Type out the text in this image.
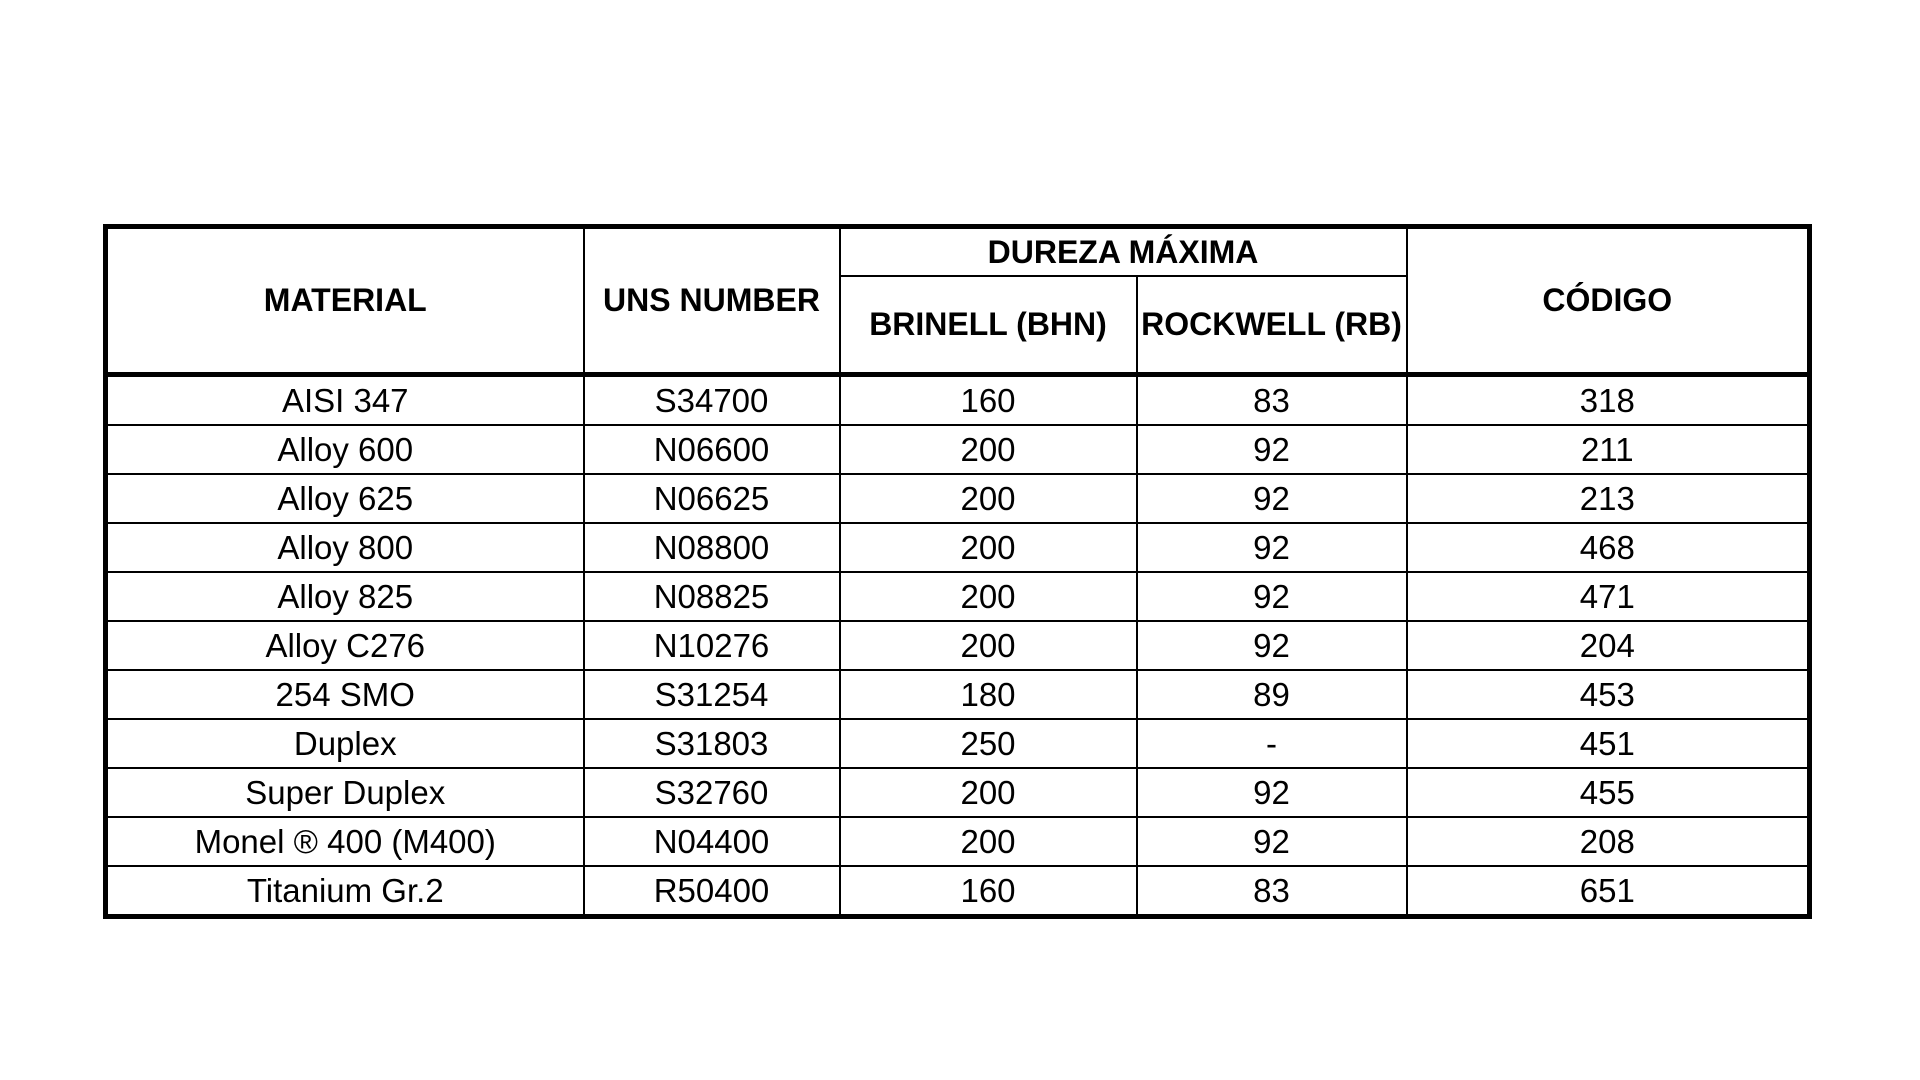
MATERIAL	UNS NUMBER	DUREZA MÁXIMA		CÓDIGO
		BRINELL (BHN)	ROCKWELL (RB)	
AISI 347	S34700	160	83	318
Alloy 600	N06600	200	92	211
Alloy 625	N06625	200	92	213
Alloy 800	N08800	200	92	468
Alloy 825	N08825	200	92	471
Alloy C276	N10276	200	92	204
254 SMO	S31254	180	89	453
Duplex	S31803	250	-	451
Super Duplex	S32760	200	92	455
Monel ® 400 (M400)	N04400	200	92	208
Titanium Gr.2	R50400	160	83	651
